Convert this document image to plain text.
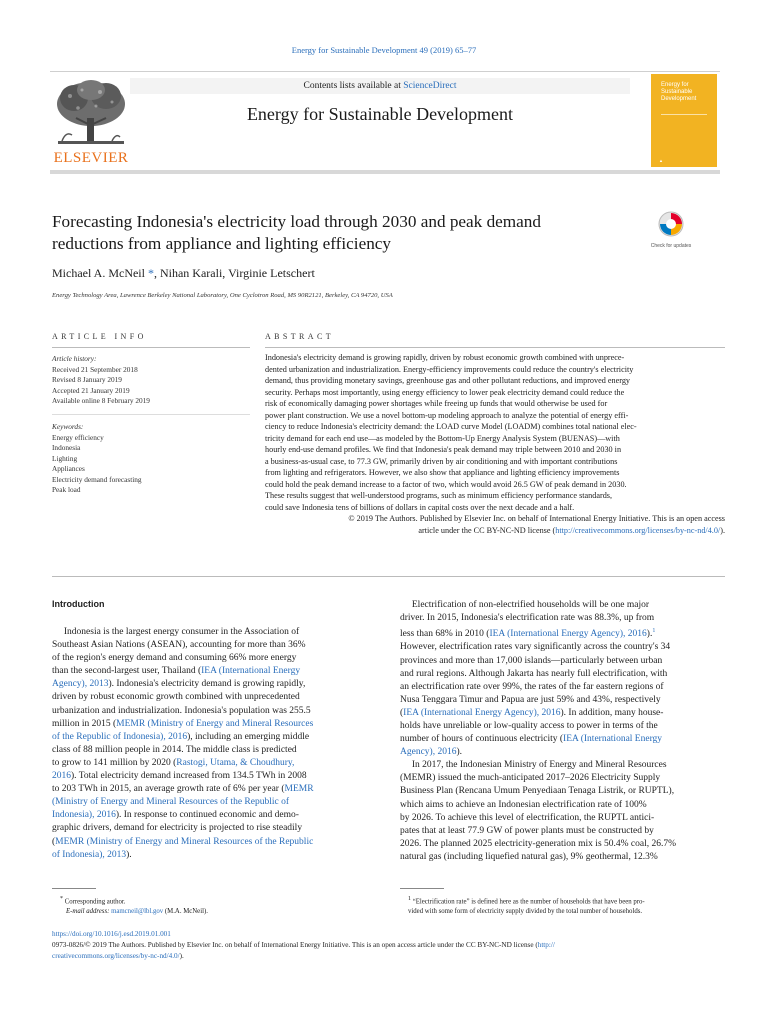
Energy for Sustainable Development 49 (2019) 65–77
Contents lists available at ScienceDirect
Energy for Sustainable Development
ELSEVIER
Energy for
Sustainable
Development
▲
Forecasting Indonesia's electricity load through 2030 and peak demand reductions from appliance and lighting efficiency	Check for updates
Michael A. McNeil *, Nihan Karali, Virginie Letschert
Energy Technology Area, Lawrence Berkeley National Laboratory, One Cyclotron Road, MS 90R2121, Berkeley, CA 94720, USA
ARTICLE INFO	ABSTRACT
Article history:
Received 21 September 2018
Revised 8 January 2019
Accepted 21 January 2019
Available online 8 February 2019
Keywords:
Energy efficiency
Indonesia
Lighting
Appliances
Electricity demand forecasting
Peak load
Indonesia's electricity demand is growing rapidly, driven by robust economic growth combined with unprece-
dented urbanization and industrialization. Energy-efficiency improvements could reduce the country's electricity
demand, thus providing monetary savings, greenhouse gas and other pollutant reductions, and improved energy
security. Perhaps most importantly, using energy efficiency to lower peak electricity demand could reduce the
risk of economically damaging power shortages while freeing up funds that would otherwise be used for
power plant construction. We use a novel bottom-up modeling approach to analyze the potential of energy effi-
ciency to reduce Indonesia's electricity demand: the LOAD curve Model (LOADM) combines total national elec-
tricity demand for each end use—as modeled by the Bottom-Up Energy Analysis System (BUENAS)—with
hourly end-use demand profiles. We find that Indonesia's peak demand may triple between 2010 and 2030 in
a business-as-usual case, to 77.3 GW, primarily driven by air conditioning and with important contributions
from lighting and refrigerators. However, we also show that appliance and lighting efficiency improvements
could hold the peak demand increase to a factor of two, which would avoid 26.5 GW of peak demand in 2030.
These results suggest that well-understood programs, such as minimum efficiency performance standards,
could save Indonesia tens of billions of dollars in capital costs over the next decade and a half.
© 2019 The Authors. Published by Elsevier Inc. on behalf of International Energy Initiative. This is an open access
article under the CC BY-NC-ND license (http://creativecommons.org/licenses/by-nc-nd/4.0/).
Introduction
Indonesia is the largest energy consumer in the Association of
Southeast Asian Nations (ASEAN), accounting for more than 36%
of the region's energy demand and consuming 66% more energy
than the second-largest user, Thailand (IEA (International Energy
Agency), 2013). Indonesia's electricity demand is growing rapidly,
driven by robust economic growth combined with unprecedented
urbanization and industrialization. Indonesia's population was 255.5
million in 2015 (MEMR (Ministry of Energy and Mineral Resources
of the Republic of Indonesia), 2016), including an emerging middle
class of 88 million people in 2014. The middle class is predicted
to grow to 141 million by 2020 (Rastogi, Utama, & Choudhury,
2016). Total electricity demand increased from 134.5 TWh in 2008
to 203 TWh in 2015, an average growth rate of 6% per year (MEMR
(Ministry of Energy and Mineral Resources of the Republic of
Indonesia), 2016). In response to continued economic and demo-
graphic drivers, demand for electricity is projected to rise steadily
(MEMR (Ministry of Energy and Mineral Resources of the Republic
of Indonesia), 2013).
Electrification of non-electrified households will be one major
driver. In 2015, Indonesia's electrification rate was 88.3%, up from
less than 68% in 2010 (IEA (International Energy Agency), 2016).$^1$
However, electrification rates vary significantly across the country's 34
provinces and more than 17,000 islands—particularly between urban
and rural regions. Although Jakarta has nearly full electrification, with
an electrification rate over 99%, the rates of the far eastern regions of
Nusa Tenggara Timur and Papua are just 59% and 43%, respectively
(IEA (International Energy Agency), 2016). In addition, many house-
holds have unreliable or low-quality access to power in terms of the
number of hours of continuous electricity (IEA (International Energy
Agency), 2016).
In 2017, the Indonesian Ministry of Energy and Mineral Resources
(MEMR) issued the much-anticipated 2017–2026 Electricity Supply
Business Plan (Rencana Umum Penyediaan Tenaga Listrik, or RUPTL),
which aims to achieve an Indonesian electrification rate of 100%
by 2026. To achieve this level of electrification, the RUPTL antici-
pates that at least 77.9 GW of power plants must be constructed by
2026. The planned 2025 electricity-generation mix is 50.4% coal, 26.7%
natural gas (including liquefied natural gas), 9% geothermal, 12.3%
* Corresponding author.
E-mail address: mamcneil@lbl.gov (M.A. McNeil).
$^1$ “Electrification rate” is defined here as the number of households that have been pro-
vided with some form of electricity supply divided by the total number of households.
https://doi.org/10.1016/j.esd.2019.01.001
0973-0826/© 2019 The Authors. Published by Elsevier Inc. on behalf of International Energy Initiative. This is an open access article under the CC BY-NC-ND license (http://
creativecommons.org/licenses/by-nc-nd/4.0/).
